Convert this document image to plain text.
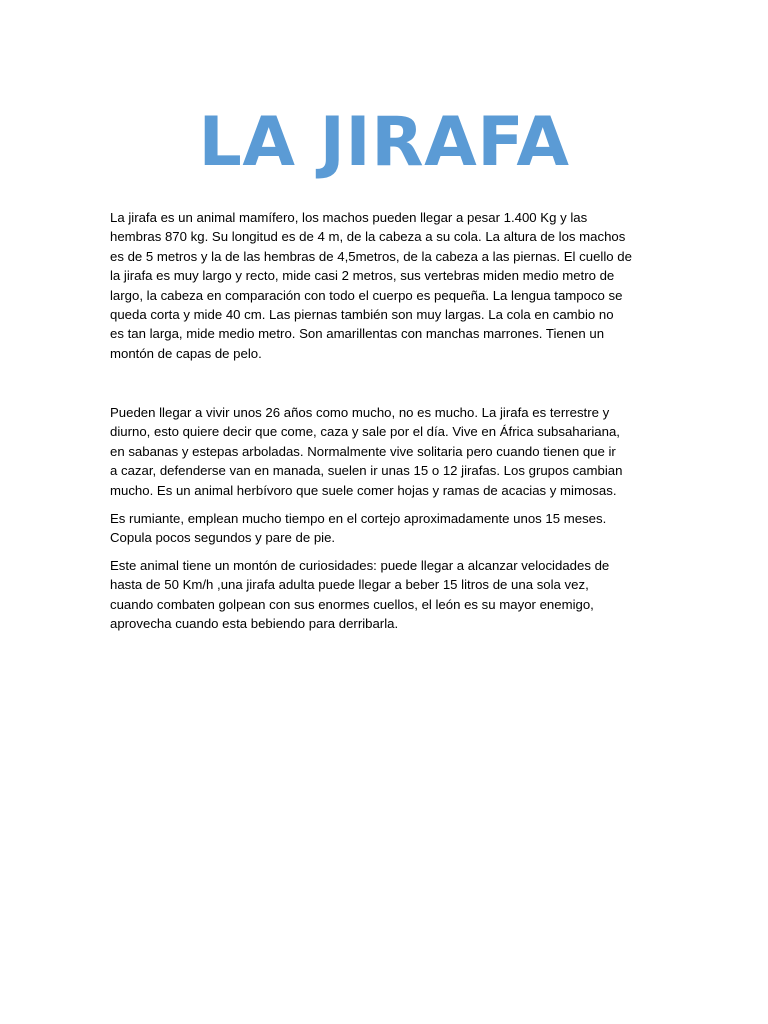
LA JIRAFA
La jirafa es un animal mamífero, los machos pueden llegar a pesar 1.400 Kg y las
hembras 870 kg. Su longitud es de 4 m, de la cabeza a su cola. La altura de los machos
es de 5 metros y la de las hembras de 4,5metros, de la cabeza a las piernas. El cuello de
la jirafa es muy largo y recto, mide casi 2 metros, sus vertebras miden medio metro de
largo, la cabeza en comparación con todo el cuerpo es pequeña. La lengua tampoco se
queda corta y mide 40 cm. Las piernas también son muy largas. La cola en cambio no
es tan larga, mide medio metro. Son amarillentas con manchas marrones. Tienen un
montón de capas de pelo.
Pueden llegar a vivir unos 26 años como mucho, no es mucho. La jirafa es terrestre y
diurno, esto quiere decir que come, caza y sale por el día. Vive en África subsahariana,
en sabanas y estepas arboladas. Normalmente vive solitaria pero cuando tienen que ir
a cazar, defenderse van en manada, suelen ir unas 15 o 12 jirafas. Los grupos cambian
mucho. Es un animal herbívoro que suele comer hojas y ramas de acacias y mimosas.
Es rumiante, emplean mucho tiempo en el cortejo aproximadamente unos 15 meses.
Copula pocos segundos y pare de pie.
Este animal tiene un montón de curiosidades: puede llegar a alcanzar velocidades de
hasta de 50 Km/h ,una jirafa adulta puede llegar a beber 15 litros de una sola vez,
cuando combaten golpean con sus enormes cuellos, el león es su mayor enemigo,
aprovecha cuando esta bebiendo para derribarla.
